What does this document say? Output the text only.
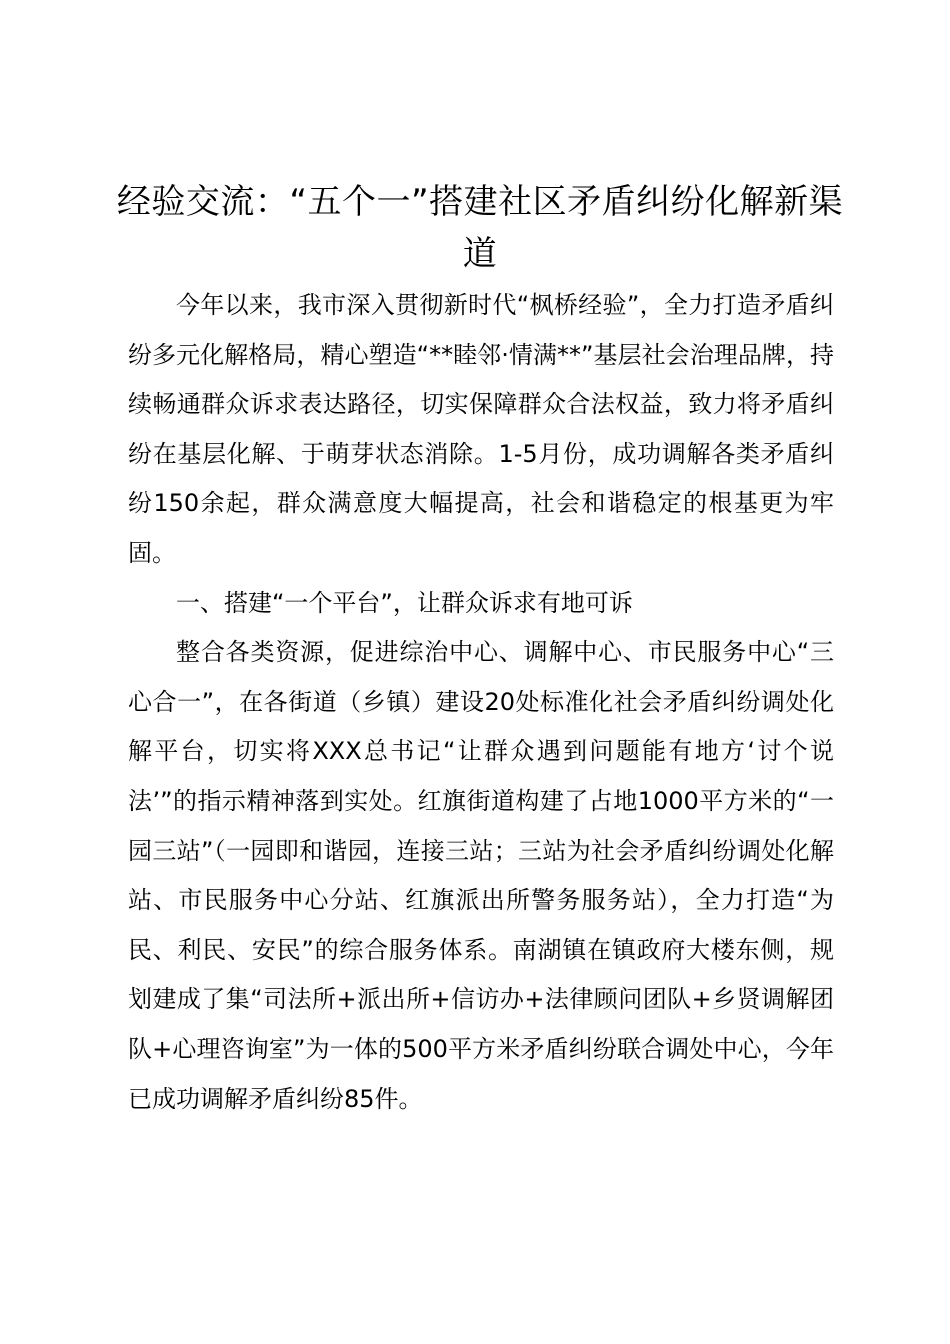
经验交流：“五个一”搭建社区矛盾纠纷化解新渠道

今年以来，我市深入贯彻新时代“枫桥经验”，全力打造矛盾纠纷多元化解格局，精心塑造“**睦邻·情满**”基层社会治理品牌，持续畅通群众诉求表达路径，切实保障群众合法权益，致力将矛盾纠纷在基层化解、于萌芽状态消除。1-5月份，成功调解各类矛盾纠纷150余起，群众满意度大幅提高，社会和谐稳定的根基更为牢固。

一、搭建“一个平台”，让群众诉求有地可诉

整合各类资源，促进综治中心、调解中心、市民服务中心“三心合一”，在各街道（乡镇）建设20处标准化社会矛盾纠纷调处化解平台，切实将XXX总书记“让群众遇到问题能有地方‘讨个说法’”的指示精神落到实处。红旗街道构建了占地1000平方米的“一园三站”（一园即和谐园，连接三站；三站为社会矛盾纠纷调处化解站、市民服务中心分站、红旗派出所警务服务站），全力打造“为民、利民、安民”的综合服务体系。南湖镇在镇政府大楼东侧，规划建成了集“司法所+派出所+信访办+法律顾问团队+乡贤调解团队+心理咨询室”为一体的500平方米矛盾纠纷联合调处中心，今年已成功调解矛盾纠纷85件。
